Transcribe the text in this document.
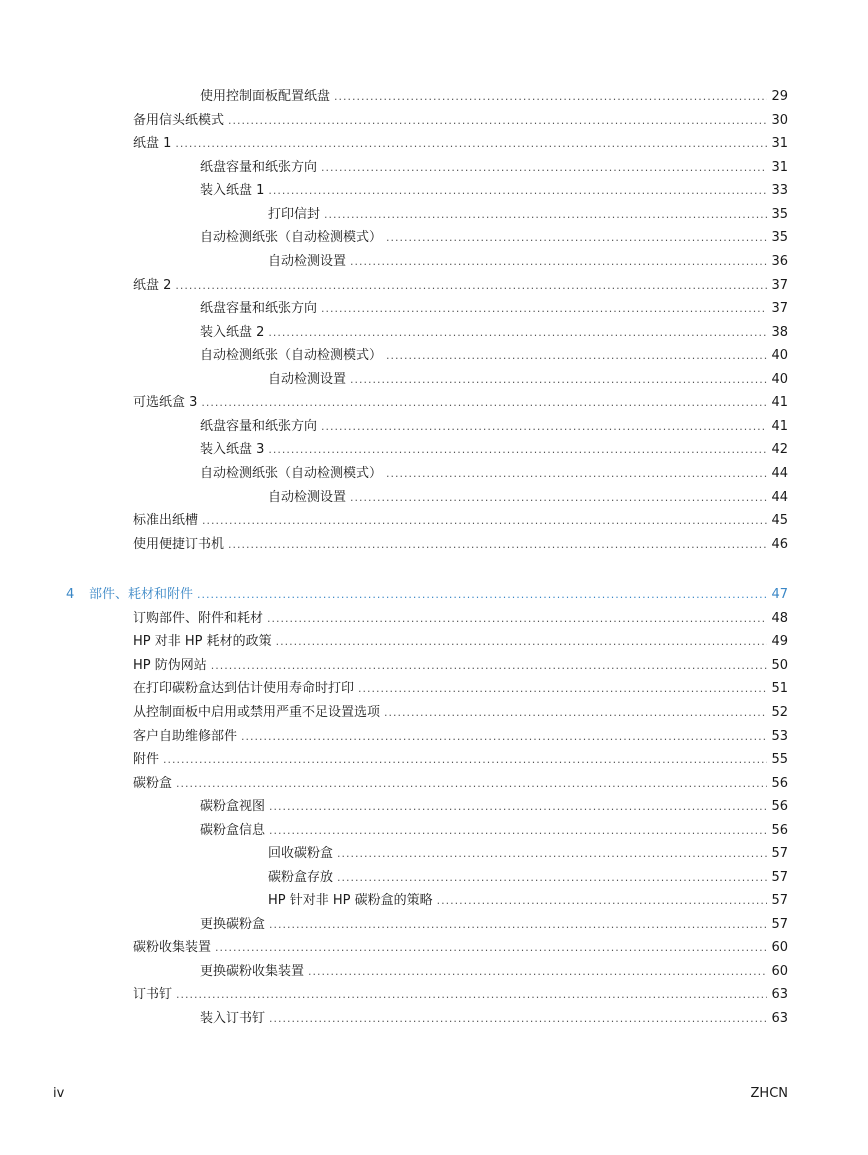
使用控制面板配置纸盘 .....	29
备用信头纸模式 .....	30
纸盘 1 .....	31
纸盘容量和纸张方向 .....	31
装入纸盘 1 .....	33
打印信封 .....	35
自动检测纸张（自动检测模式） .....	35
自动检测设置 .....	36
纸盘 2 .....	37
纸盘容量和纸张方向 .....	37
装入纸盘 2 .....	38
自动检测纸张（自动检测模式） .....	40
自动检测设置 .....	40
可选纸盒 3 .....	41
纸盘容量和纸张方向 .....	41
装入纸盘 3 .....	42
自动检测纸张（自动检测模式） .....	44
自动检测设置 .....	44
标准出纸槽 .....	45
使用便捷订书机 .....	46
4 部件、耗材和附件 .....	47
订购部件、附件和耗材 .....	48
HP 对非 HP 耗材的政策 .....	49
HP 防伪网站 .....	50
在打印碳粉盒达到估计使用寿命时打印 .....	51
从控制面板中启用或禁用严重不足设置选项 .....	52
客户自助维修部件 .....	53
附件 .....	55
碳粉盒 .....	56
碳粉盒视图 .....	56
碳粉盒信息 .....	56
回收碳粉盒 .....	57
碳粉盒存放 .....	57
HP 针对非 HP 碳粉盒的策略 .....	57
更换碳粉盒 .....	57
碳粉收集装置 .....	60
更换碳粉收集装置 .....	60
订书钉 .....	63
装入订书钉 .....	63
iv	ZHCN
